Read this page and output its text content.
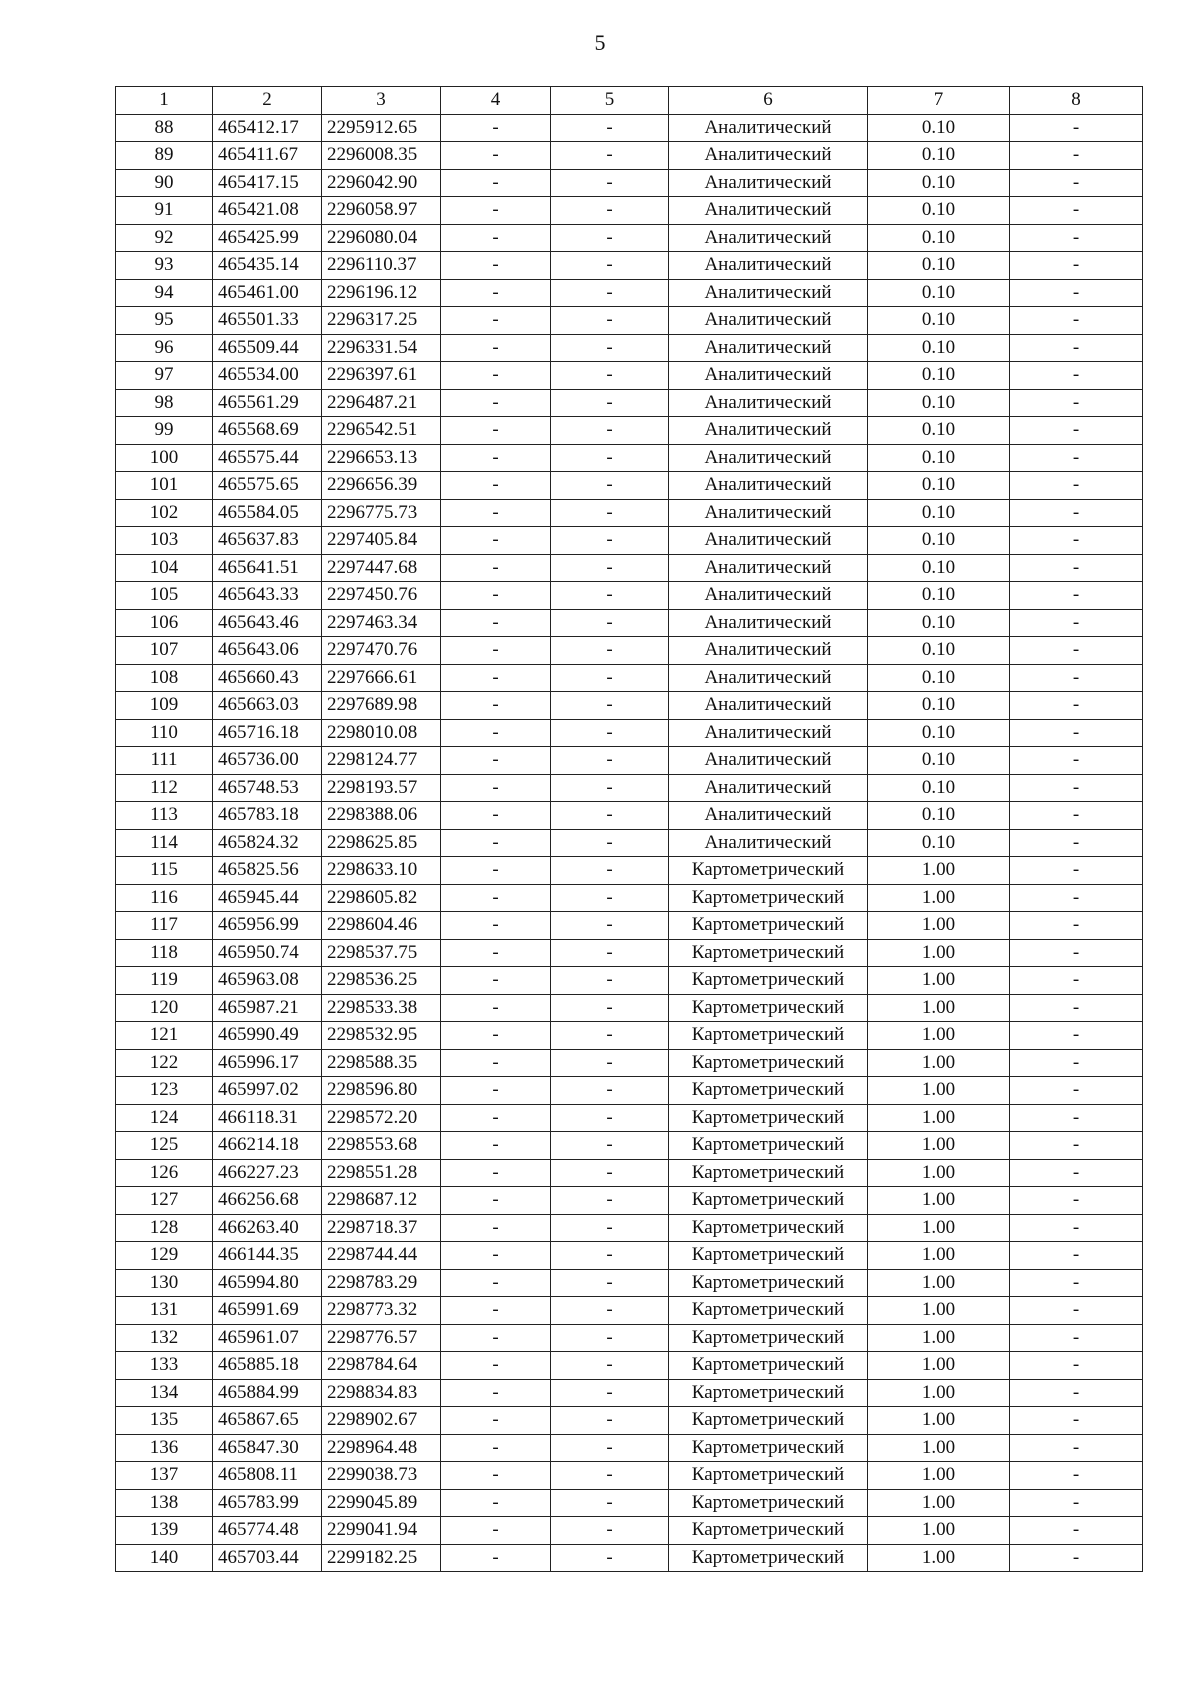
5
1	2	3	4	5	6	7	8
88	465412.17	2295912.65	-	-	Аналитический	0.10	-
89	465411.67	2296008.35	-	-	Аналитический	0.10	-
90	465417.15	2296042.90	-	-	Аналитический	0.10	-
91	465421.08	2296058.97	-	-	Аналитический	0.10	-
92	465425.99	2296080.04	-	-	Аналитический	0.10	-
93	465435.14	2296110.37	-	-	Аналитический	0.10	-
94	465461.00	2296196.12	-	-	Аналитический	0.10	-
95	465501.33	2296317.25	-	-	Аналитический	0.10	-
96	465509.44	2296331.54	-	-	Аналитический	0.10	-
97	465534.00	2296397.61	-	-	Аналитический	0.10	-
98	465561.29	2296487.21	-	-	Аналитический	0.10	-
99	465568.69	2296542.51	-	-	Аналитический	0.10	-
100	465575.44	2296653.13	-	-	Аналитический	0.10	-
101	465575.65	2296656.39	-	-	Аналитический	0.10	-
102	465584.05	2296775.73	-	-	Аналитический	0.10	-
103	465637.83	2297405.84	-	-	Аналитический	0.10	-
104	465641.51	2297447.68	-	-	Аналитический	0.10	-
105	465643.33	2297450.76	-	-	Аналитический	0.10	-
106	465643.46	2297463.34	-	-	Аналитический	0.10	-
107	465643.06	2297470.76	-	-	Аналитический	0.10	-
108	465660.43	2297666.61	-	-	Аналитический	0.10	-
109	465663.03	2297689.98	-	-	Аналитический	0.10	-
110	465716.18	2298010.08	-	-	Аналитический	0.10	-
111	465736.00	2298124.77	-	-	Аналитический	0.10	-
112	465748.53	2298193.57	-	-	Аналитический	0.10	-
113	465783.18	2298388.06	-	-	Аналитический	0.10	-
114	465824.32	2298625.85	-	-	Аналитический	0.10	-
115	465825.56	2298633.10	-	-	Картометрический	1.00	-
116	465945.44	2298605.82	-	-	Картометрический	1.00	-
117	465956.99	2298604.46	-	-	Картометрический	1.00	-
118	465950.74	2298537.75	-	-	Картометрический	1.00	-
119	465963.08	2298536.25	-	-	Картометрический	1.00	-
120	465987.21	2298533.38	-	-	Картометрический	1.00	-
121	465990.49	2298532.95	-	-	Картометрический	1.00	-
122	465996.17	2298588.35	-	-	Картометрический	1.00	-
123	465997.02	2298596.80	-	-	Картометрический	1.00	-
124	466118.31	2298572.20	-	-	Картометрический	1.00	-
125	466214.18	2298553.68	-	-	Картометрический	1.00	-
126	466227.23	2298551.28	-	-	Картометрический	1.00	-
127	466256.68	2298687.12	-	-	Картометрический	1.00	-
128	466263.40	2298718.37	-	-	Картометрический	1.00	-
129	466144.35	2298744.44	-	-	Картометрический	1.00	-
130	465994.80	2298783.29	-	-	Картометрический	1.00	-
131	465991.69	2298773.32	-	-	Картометрический	1.00	-
132	465961.07	2298776.57	-	-	Картометрический	1.00	-
133	465885.18	2298784.64	-	-	Картометрический	1.00	-
134	465884.99	2298834.83	-	-	Картометрический	1.00	-
135	465867.65	2298902.67	-	-	Картометрический	1.00	-
136	465847.30	2298964.48	-	-	Картометрический	1.00	-
137	465808.11	2299038.73	-	-	Картометрический	1.00	-
138	465783.99	2299045.89	-	-	Картометрический	1.00	-
139	465774.48	2299041.94	-	-	Картометрический	1.00	-
140	465703.44	2299182.25	-	-	Картометрический	1.00	-
